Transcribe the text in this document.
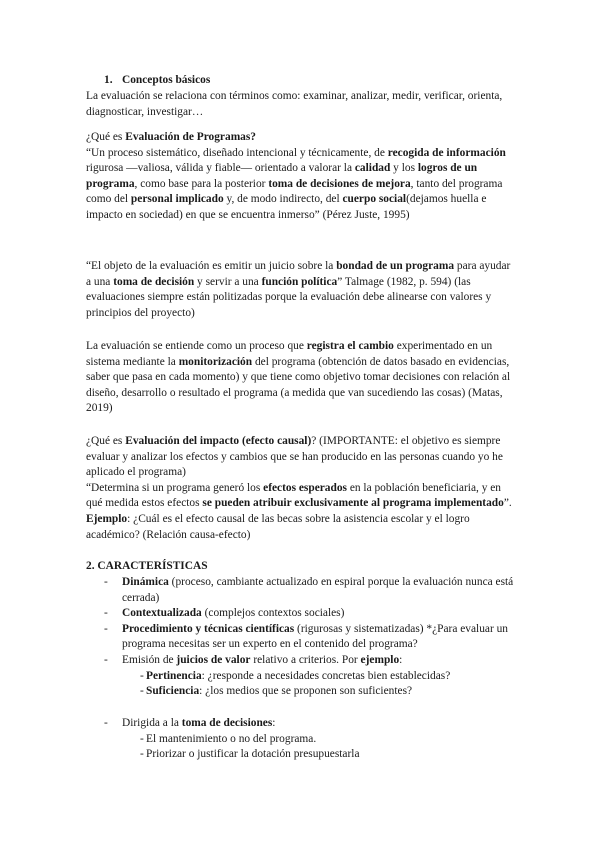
1. Conceptos básicos

La evaluación se relaciona con términos como: examinar, analizar, medir, verificar, orienta, diagnosticar, investigar…

¿Qué es Evaluación de Programas?

“Un proceso sistemático, diseñado intencional y técnicamente, de recogida de información rigurosa —valiosa, válida y fiable— orientado a valorar la calidad y los logros de un programa, como base para la posterior toma de decisiones de mejora, tanto del programa como del personal implicado y, de modo indirecto, del cuerpo social(dejamos huella e impacto en sociedad) en que se encuentra inmerso” (Pérez Juste, 1995)

“El objeto de la evaluación es emitir un juicio sobre la bondad de un programa para ayudar a una toma de decisión y servir a una función política” Talmage (1982, p. 594) (las evaluaciones siempre están politizadas porque la evaluación debe alinearse con valores y principios del proyecto)

La evaluación se entiende como un proceso que registra el cambio experimentado en un sistema mediante la monitorización del programa (obtención de datos basado en evidencias, saber que pasa en cada momento) y que tiene como objetivo tomar decisiones con relación al diseño, desarrollo o resultado el programa (a medida que van sucediendo las cosas) (Matas, 2019)

¿Qué es Evaluación del impacto (efecto causal)? (IMPORTANTE: el objetivo es siempre evaluar y analizar los efectos y cambios que se han producido en las personas cuando yo he aplicado el programa)

“Determina si un programa generó los efectos esperados en la población beneficiaria, y en qué medida estos efectos se pueden atribuir exclusivamente al programa implementado”. Ejemplo: ¿Cuál es el efecto causal de las becas sobre la asistencia escolar y el logro académico? (Relación causa-efecto)

2. CARACTERÍSTICAS
- Dinámica (proceso, cambiante actualizado en espiral porque la evaluación nunca está cerrada)
- Contextualizada (complejos contextos sociales)
- Procedimiento y técnicas científicas (rigurosas y sistematizadas) *¿Para evaluar un programa necesitas ser un experto en el contenido del programa?
- Emisión de juicios de valor relativo a criterios. Por ejemplo:
- Pertinencia: ¿responde a necesidades concretas bien establecidas?
- Suficiencia: ¿los medios que se proponen son suficientes?
- Dirigida a la toma de decisiones:
- El mantenimiento o no del programa.
- Priorizar o justificar la dotación presupuestarla
